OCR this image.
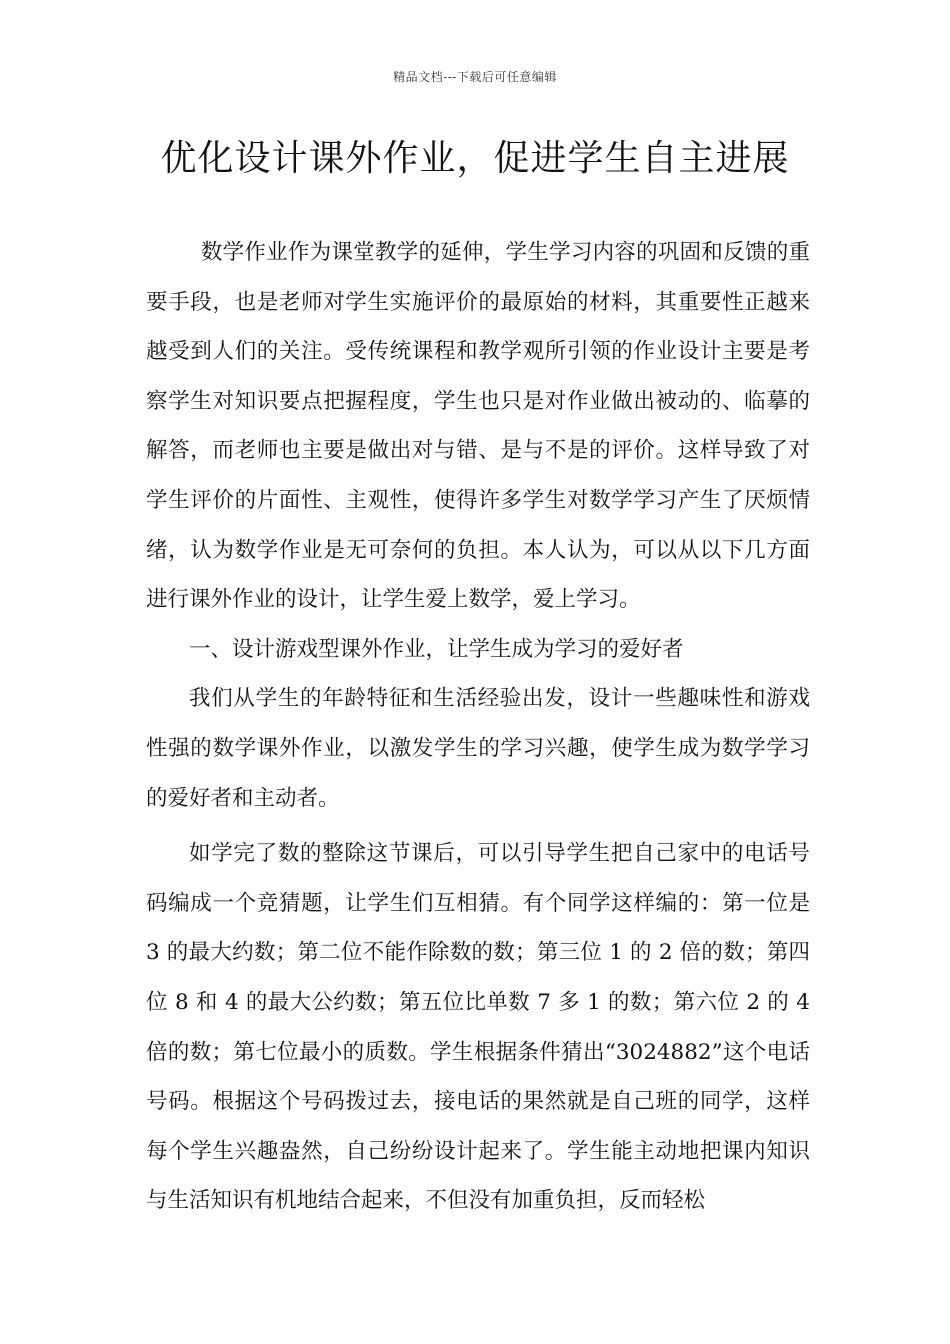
精品文档---下载后可任意编辑
优化设计课外作业，促进学生自主进展

数学作业作为课堂教学的延伸，学生学习内容的巩固和反馈的重要手段，也是老师对学生实施评价的最原始的材料，其重要性正越来越受到人们的关注。受传统课程和教学观所引领的作业设计主要是考察学生对知识要点把握程度，学生也只是对作业做出被动的、临摹的解答，而老师也主要是做出对与错、是与不是的评价。这样导致了对学生评价的片面性、主观性，使得许多学生对数学学习产生了厌烦情绪，认为数学作业是无可奈何的负担。本人认为，可以从以下几方面进行课外作业的设计，让学生爱上数学，爱上学习。

一、设计游戏型课外作业，让学生成为学习的爱好者

我们从学生的年龄特征和生活经验出发，设计一些趣味性和游戏性强的数学课外作业，以激发学生的学习兴趣，使学生成为数学学习的爱好者和主动者。

如学完了数的整除这节课后，可以引导学生把自己家中的电话号码编成一个竞猜题，让学生们互相猜。有个同学这样编的：第一位是 3 的最大约数；第二位不能作除数的数；第三位 1 的 2 倍的数；第四位 8 和 4 的最大公约数；第五位比单数 7 多 1 的数；第六位 2 的 4 倍的数；第七位最小的质数。学生根据条件猜出“3024882”这个电话号码。根据这个号码拨过去，接电话的果然就是自己班的同学，这样每个学生兴趣盎然，自己纷纷设计起来了。学生能主动地把课内知识与生活知识有机地结合起来，不但没有加重负担，反而轻松
